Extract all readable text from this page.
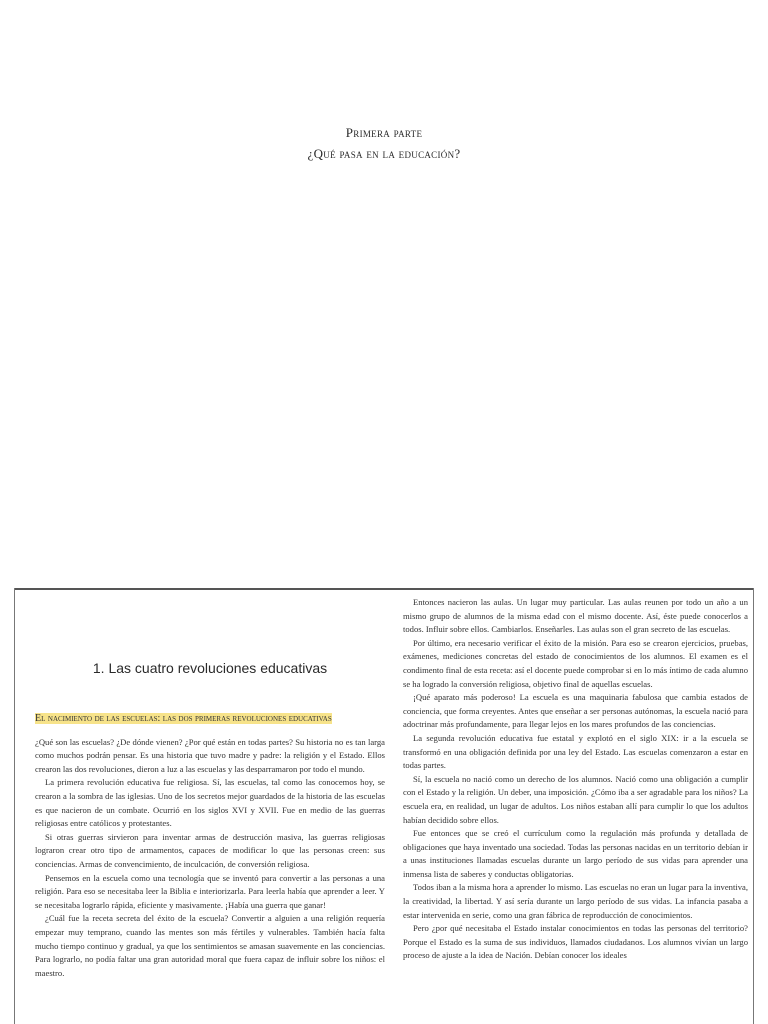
Primera parte
¿Qué pasa en la educación?
1. Las cuatro revoluciones educativas
El nacimiento de las escuelas: las dos primeras revoluciones educativas

¿Qué son las escuelas? ¿De dónde vienen? ¿Por qué están en todas partes? Su historia no es tan larga como muchos podrán pensar. Es una historia que tuvo madre y padre: la religión y el Estado. Ellos crearon las dos revoluciones, dieron a luz a las escuelas y las desparramaron por todo el mundo.

La primera revolución educativa fue religiosa. Sí, las escuelas, tal como las conocemos hoy, se crearon a la sombra de las iglesias. Uno de los secretos mejor guardados de la historia de las escuelas es que nacieron de un combate. Ocurrió en los siglos XVI y XVII. Fue en medio de las guerras religiosas entre católicos y protestantes.

Si otras guerras sirvieron para inventar armas de destrucción masiva, las guerras religiosas lograron crear otro tipo de armamentos, capaces de modificar lo que las personas creen: sus conciencias. Armas de convencimiento, de inculcación, de conversión religiosa.

Pensemos en la escuela como una tecnología que se inventó para convertir a las personas a una religión. Para eso se necesitaba leer la Biblia e interiorizarla. Para leerla había que aprender a leer. Y se necesitaba lograrlo rápida, eficiente y masivamente. ¡Había una guerra que ganar!

¿Cuál fue la receta secreta del éxito de la escuela? Convertir a alguien a una religión requería empezar muy temprano, cuando las mentes son más fértiles y vulnerables. También hacía falta mucho tiempo continuo y gradual, ya que los sentimientos se amasan suavemente en las conciencias. Para lograrlo, no podía faltar una gran autoridad moral que fuera capaz de influir sobre los niños: el maestro.

Entonces nacieron las aulas. Un lugar muy particular. Las aulas reunen por todo un año a un mismo grupo de alumnos de la misma edad con el mismo docente. Así, éste puede conocerlos a todos. Influir sobre ellos. Cambiarlos. Enseñarles. Las aulas son el gran secreto de las escuelas.

Por último, era necesario verificar el éxito de la misión. Para eso se crearon ejercicios, pruebas, exámenes, mediciones concretas del estado de conocimientos de los alumnos. El examen es el condimento final de esta receta: así el docente puede comprobar si en lo más íntimo de cada alumno se ha logrado la conversión religiosa, objetivo final de aquellas escuelas.

¡Qué aparato más poderoso! La escuela es una maquinaria fabulosa que cambia estados de conciencia, que forma creyentes. Antes que enseñar a ser personas autónomas, la escuela nació para adoctrinar más profundamente, para llegar lejos en los mares profundos de las conciencias.

La segunda revolución educativa fue estatal y explotó en el siglo XIX: ir a la escuela se transformó en una obligación definida por una ley del Estado. Las escuelas comenzaron a estar en todas partes.

Sí, la escuela no nació como un derecho de los alumnos. Nació como una obligación a cumplir con el Estado y la religión. Un deber, una imposición. ¿Cómo iba a ser agradable para los niños? La escuela era, en realidad, un lugar de adultos. Los niños estaban allí para cumplir lo que los adultos habían decidido sobre ellos.

Fue entonces que se creó el currículum como la regulación más profunda y detallada de obligaciones que haya inventado una sociedad. Todas las personas nacidas en un territorio debían ir a unas instituciones llamadas escuelas durante un largo período de sus vidas para aprender una inmensa lista de saberes y conductas obligatorias.

Todos iban a la misma hora a aprender lo mismo. Las escuelas no eran un lugar para la inventiva, la creatividad, la libertad. Y así sería durante un largo período de sus vidas. La infancia pasaba a estar intervenida en serie, como una gran fábrica de reproducción de conocimientos.

Pero ¿por qué necesitaba el Estado instalar conocimientos en todas las personas del territorio? Porque el Estado es la suma de sus individuos, llamados ciudadanos. Los alumnos vivían un largo proceso de ajuste a la idea de Nación. Debían conocer los ideales
